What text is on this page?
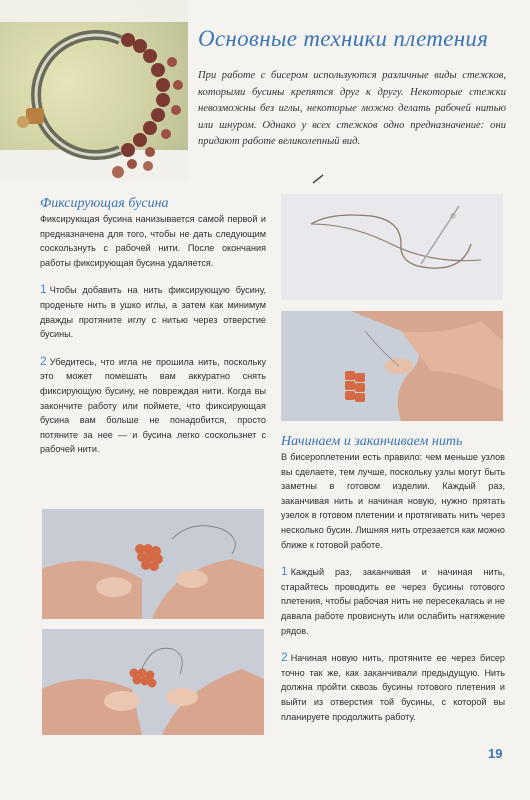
Основные техники плетения
При работе с бисером используются различные виды стежков, которыми бусины крепятся друг к другу. Некоторые стежки невозможны без иглы, некоторые можно делать рабочей нитью или шнуром. Однако у всех стежков одно предназначение: они придают работе великолепный вид.
Фиксирующая бусина

Фиксирующая бусина нанизывается самой первой и предназначена для того, чтобы не дать следующим соскользнуть с рабочей нити. После окончания работы фиксирующая бусина удаляется.

1 Чтобы добавить на нить фиксирующую бусину, проденьте нить в ушко иглы, а затем как минимум дважды протяните иглу с нитью через отверстие бусины.

2 Убедитесь, что игла не прошила нить, поскольку это может помешать вам аккуратно снять фиксирующую бусину, не повреждая нити. Когда вы закончите работу или поймете, что фиксирующая бусина вам больше не понадобится, просто потяните за нее — и бусина легко соскользнет с рабочей нити.

Начинаем и заканчиваем нить

В бисероплетении есть правило: чем меньше узлов вы сделаете, тем лучше, поскольку узлы могут быть заметны в готовом изделии. Каждый раз, заканчивая нить и начиная новую, нужно прятать узелок в готовом плетении и протягивать нить через несколько бусин. Лишняя нить отрезается как можно ближе к готовой работе.

1 Каждый раз, заканчивая и начиная нить, старайтесь проводить ее через бусины готового плетения, чтобы рабочая нить не пересекалась и не давала работе провиснуть или ослабить натяжение рядов.

2 Начиная новую нить, протяните ее через бисер точно так же, как заканчивали предыдущую. Нить должна пройти сквозь бусины готового плетения и выйти из отверстия той бусины, с которой вы планируете продолжить работу.

19
